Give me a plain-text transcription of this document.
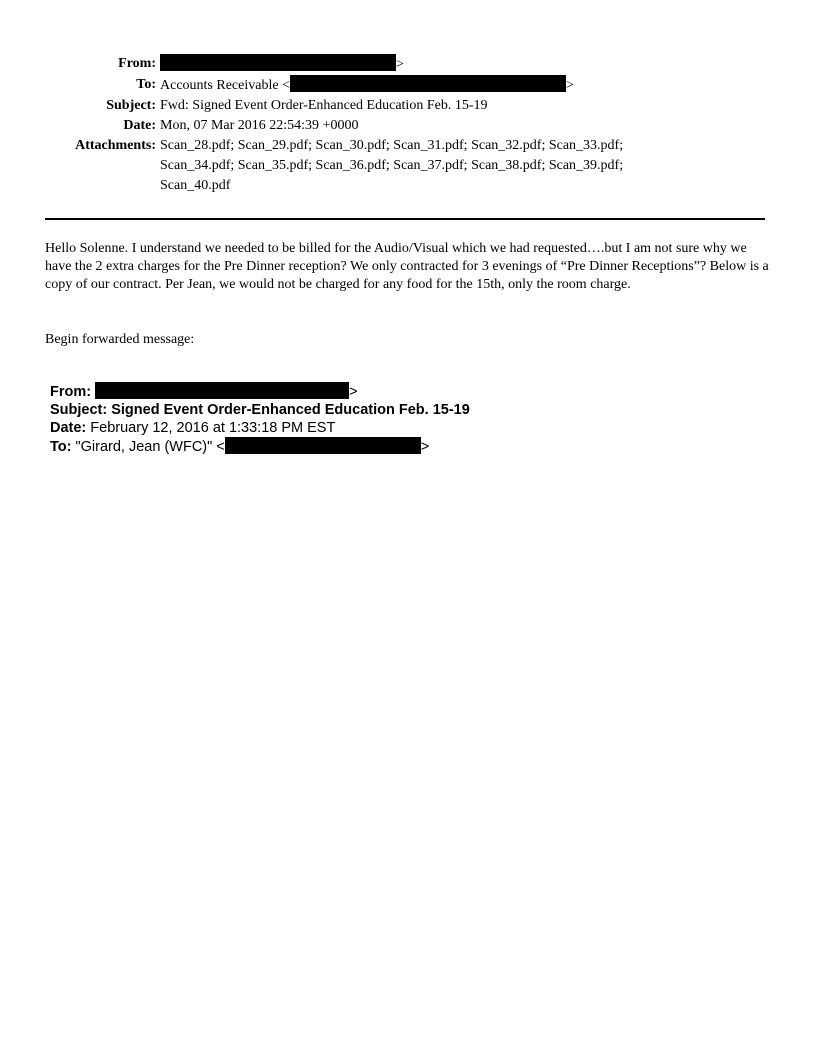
From:	>
To: Accounts Receivable <	>
Subject: Fwd: Signed Event Order-Enhanced Education Feb. 15-19
Date: Mon, 07 Mar 2016 22:54:39 +0000
Attachments: Scan_28.pdf; Scan_29.pdf; Scan_30.pdf; Scan_31.pdf; Scan_32.pdf; Scan_33.pdf;
Scan_34.pdf; Scan_35.pdf; Scan_36.pdf; Scan_37.pdf; Scan_38.pdf; Scan_39.pdf;
Scan_40.pdf

Hello Solenne. I understand we needed to be billed for the Audio/Visual which we had requested….but I am not sure why we have the 2 extra charges for the Pre Dinner reception? We only contracted for 3 evenings of “Pre Dinner Receptions”? Below is a copy of our contract. Per Jean, we would not be charged for any food for the 15th, only the room charge.

Begin forwarded message:

From:	>
Subject: Signed Event Order-Enhanced Education Feb. 15-19
Date: February 12, 2016 at 1:33:18 PM EST
To: "Girard, Jean (WFC)" <	>
